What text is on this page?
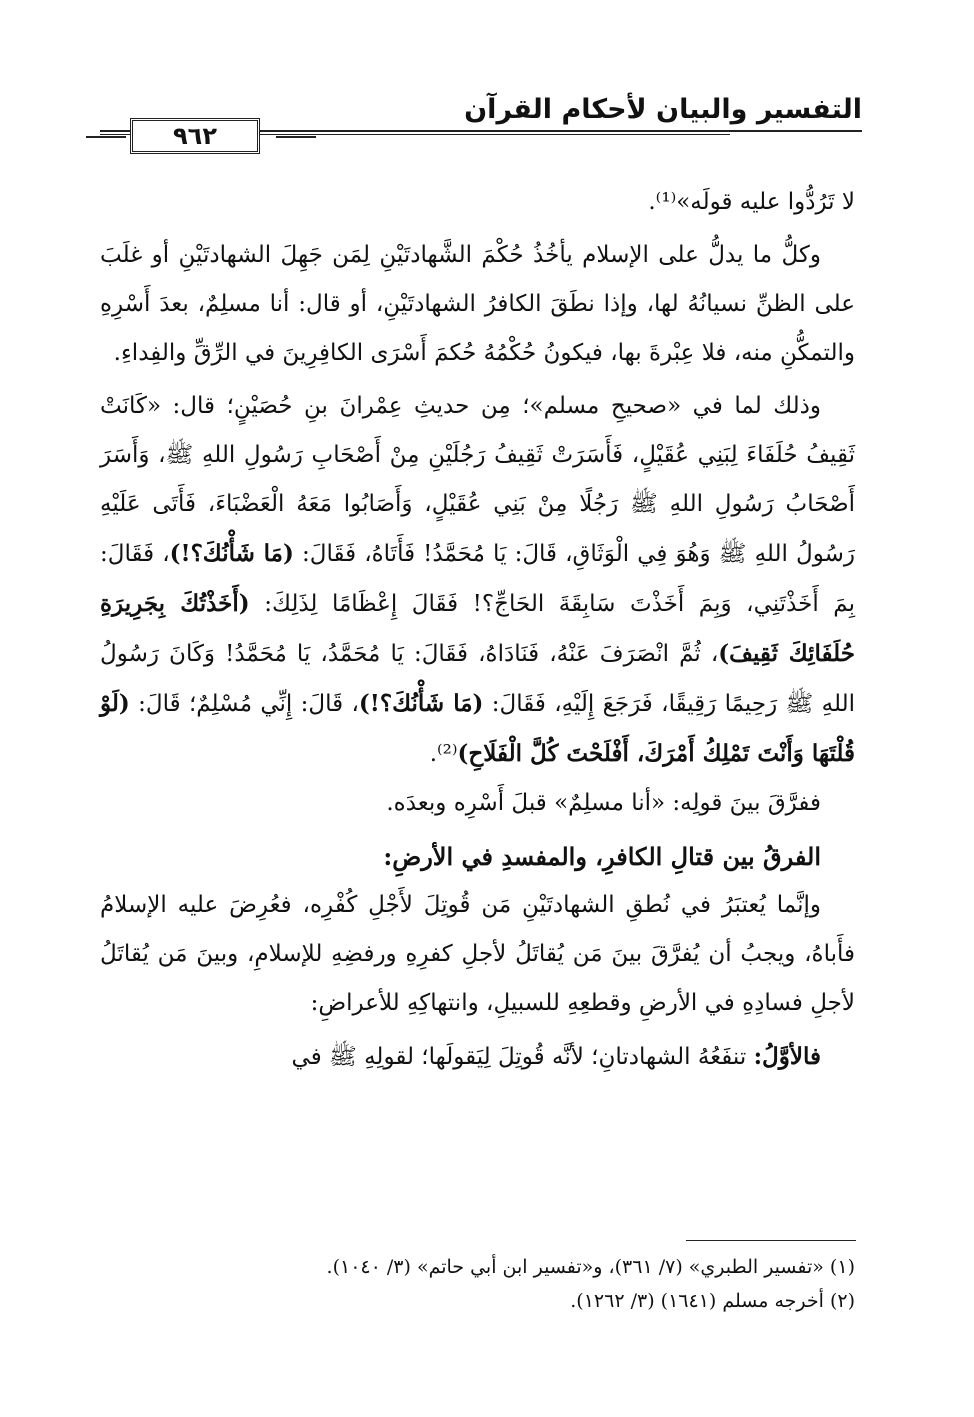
التفسير والبيان لأحكام القرآن
٩٦٢

لا تَرُدُّوا عليه قولَه»⁽¹⁾.

وكلُّ ما يدلُّ على الإسلام يأخُذُ حُكْمَ الشَّهادتَيْنِ لِمَن جَهِلَ الشهادتَيْنِ أو غلَبَ على الظنِّ نسيانُهُ لها، وإذا نطَقَ الكافرُ الشهادتَيْنِ، أو قال: أنا مسلِمٌ، بعدَ أَسْرِهِ والتمكُّنِ منه، فلا عِبْرةَ بها، فيكونُ حُكْمُهُ حُكمَ أَسْرَى الكافِرِينَ في الرِّقِّ والفِداءِ.

وذلك لما في «صحيحِ مسلم»؛ مِن حديثِ عِمْرانَ بنِ حُصَيْنٍ؛ قال: «كَانَتْ ثَقِيفُ حُلَفَاءَ لِبَنِي عُقَيْلٍ، فَأَسَرَتْ ثَقِيفُ رَجُلَيْنِ مِنْ أَصْحَابِ رَسُولِ اللهِ ﷺ، وَأَسَرَ أَصْحَابُ رَسُولِ اللهِ ﷺ رَجُلًا مِنْ بَنِي عُقَيْلٍ، وَأَصَابُوا مَعَهُ الْعَضْبَاءَ، فَأَتَى عَلَيْهِ رَسُولُ اللهِ ﷺ وَهُوَ فِي الْوَثَاقِ، قَالَ: يَا مُحَمَّدُ! فَأَتَاهُ، فَقَالَ: (مَا شَأْنُكَ؟!)، فَقَالَ: بِمَ أَخَذْتَنِي، وَبِمَ أَخَذْتَ سَابِقَةَ الحَاجِّ؟! فَقَالَ إِعْظَامًا لِذَلِكَ: (أَخَذْتُكَ بِجَرِيرَةِ حُلَفَائِكَ ثَقِيفَ)، ثُمَّ انْصَرَفَ عَنْهُ، فَنَادَاهُ، فَقَالَ: يَا مُحَمَّدُ، يَا مُحَمَّدُ! وَكَانَ رَسُولُ اللهِ ﷺ رَحِيمًا رَقِيقًا، فَرَجَعَ إِلَيْهِ، فَقَالَ: (مَا شَأْنُكَ؟!)، قَالَ: إِنِّي مُسْلِمٌ؛ قَالَ: (لَوْ قُلْتَهَا وَأَنْتَ تَمْلِكُ أَمْرَكَ، أَفْلَحْتَ كُلَّ الْفَلَاحِ)⁽²⁾.

ففرَّقَ بينَ قولِه: «أنا مسلِمٌ» قبلَ أَسْرِه وبعدَه.

الفرقُ بين قتالِ الكافرِ، والمفسدِ في الأرضِ:

وإنَّما يُعتبَرُ في نُطقِ الشهادتَيْنِ مَن قُوتِلَ لأَجْلِ كُفْرِه، فعُرِضَ عليه الإسلامُ فأَباهُ، ويجبُ أن يُفرَّقَ بينَ مَن يُقاتَلُ لأجلِ كفرِهِ ورفضِهِ للإسلامِ، وبينَ مَن يُقاتَلُ لأجلِ فسادِهِ في الأرضِ وقطعِهِ للسبيلِ، وانتهاكِهِ للأعراضِ:

فالأوَّلُ: تنفَعُهُ الشهادتانِ؛ لأنَّه قُوتِلَ لِيَقولَها؛ لقولِهِ ﷺ في

(١) «تفسير الطبري» (٧/ ٣٦١)، و«تفسير ابن أبي حاتم» (٣/ ١٠٤٠).

(٢) أخرجه مسلم (١٦٤١) (٣/ ١٢٦٢).
